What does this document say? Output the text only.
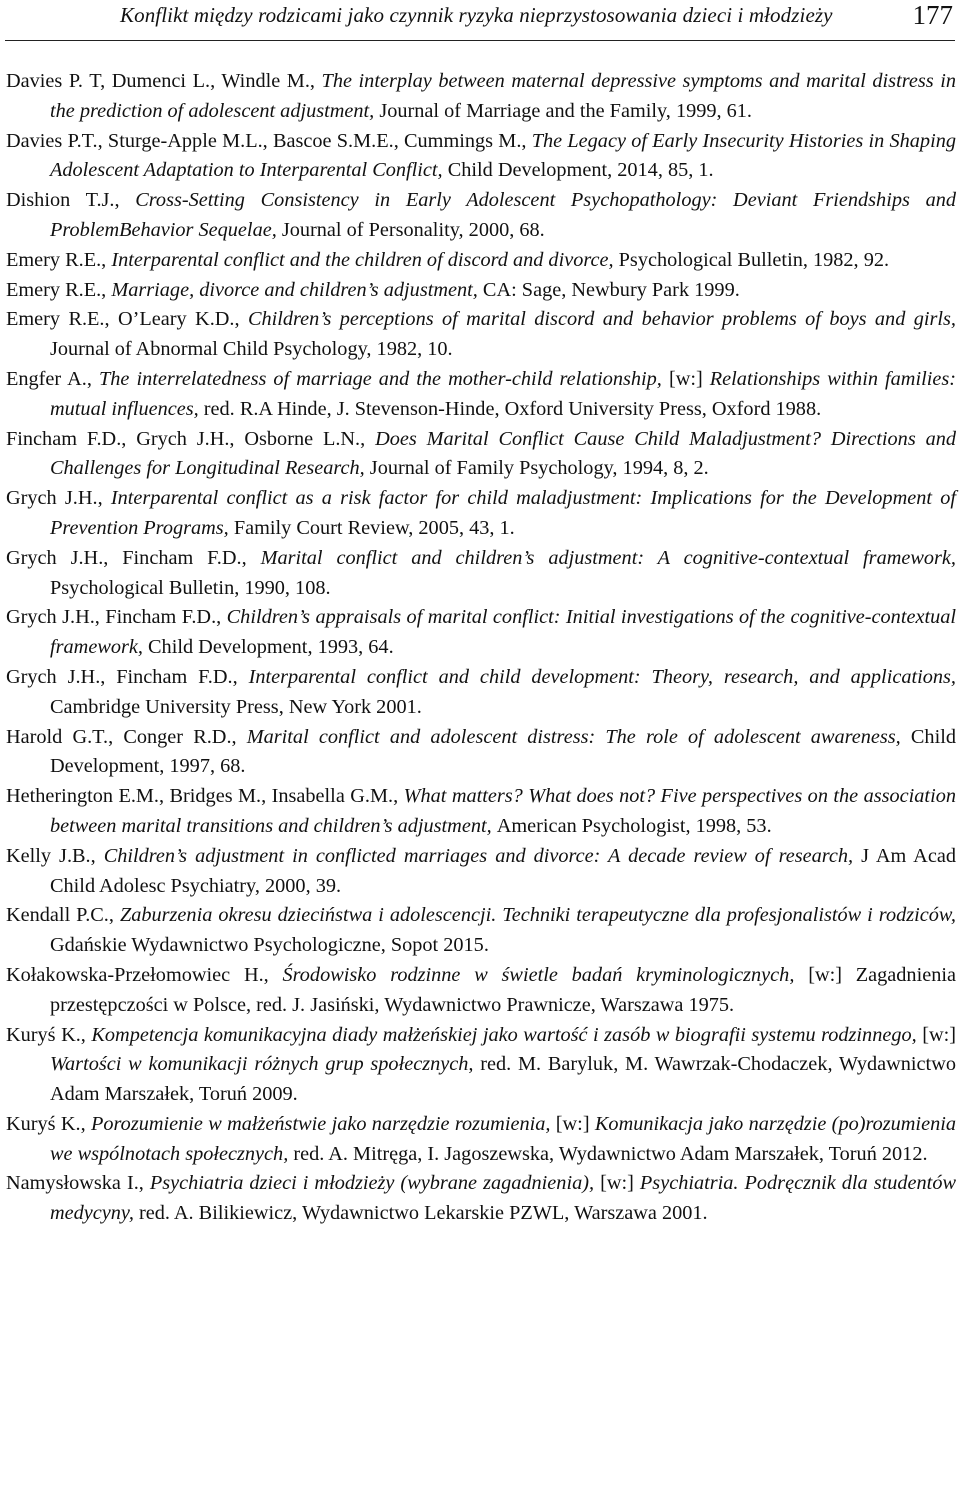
Konflikt między rodzicami jako czynnik ryzyka nieprzystosowania dzieci i młodzieży	177
Davies P. T, Dumenci L., Windle M., The interplay between maternal depressive symptoms and marital distress in the prediction of adolescent adjustment, Journal of Marriage and the Family, 1999, 61.
Davies P.T., Sturge-Apple M.L., Bascoe S.M.E., Cummings M., The Legacy of Early Insecurity Histories in Shaping Adolescent Adaptation to Interparental Conflict, Child Development, 2014, 85, 1.
Dishion T.J., Cross-Setting Consistency in Early Adolescent Psychopathology: Deviant Friendships and ProblemBehavior Sequelae, Journal of Personality, 2000, 68.
Emery R.E., Interparental conflict and the children of discord and divorce, Psychological Bulletin, 1982, 92.
Emery R.E., Marriage, divorce and children’s adjustment, CA: Sage, Newbury Park 1999.
Emery R.E., O’Leary K.D., Children’s perceptions of marital discord and behavior problems of boys and girls, Journal of Abnormal Child Psychology, 1982, 10.
Engfer A., The interrelatedness of marriage and the mother-child relationship, [w:] Relationships within families: mutual influences, red. R.A Hinde, J. Stevenson-Hinde, Oxford University Press, Oxford 1988.
Fincham F.D., Grych J.H., Osborne L.N., Does Marital Conflict Cause Child Maladjustment? Directions and Challenges for Longitudinal Research, Journal of Family Psychology, 1994, 8, 2.
Grych J.H., Interparental conflict as a risk factor for child maladjustment: Implications for the Development of Prevention Programs, Family Court Review, 2005, 43, 1.
Grych J.H., Fincham F.D., Marital conflict and children’s adjustment: A cognitive-contextual framework, Psychological Bulletin, 1990, 108.
Grych J.H., Fincham F.D., Children’s appraisals of marital conflict: Initial investigations of the cognitive-contextual framework, Child Development, 1993, 64.
Grych J.H., Fincham F.D., Interparental conflict and child development: Theory, research, and applications, Cambridge University Press, New York 2001.
Harold G.T., Conger R.D., Marital conflict and adolescent distress: The role of adolescent awareness, Child Development, 1997, 68.
Hetherington E.M., Bridges M., Insabella G.M., What matters? What does not? Five perspectives on the association between marital transitions and children’s adjustment, American Psychologist, 1998, 53.
Kelly J.B., Children’s adjustment in conflicted marriages and divorce: A decade review of research, J Am Acad Child Adolesc Psychiatry, 2000, 39.
Kendall P.C., Zaburzenia okresu dzieciństwa i adolescencji. Techniki terapeutyczne dla profesjonalistów i rodziców, Gdańskie Wydawnictwo Psychologiczne, Sopot 2015.
Kołakowska-Przełomowiec H., Środowisko rodzinne w świetle badań kryminologicznych, [w:] Zagadnienia przestępczości w Polsce, red. J. Jasiński, Wydawnictwo Prawnicze, Warszawa 1975.
Kuryś K., Kompetencja komunikacyjna diady małżeńskiej jako wartość i zasób w biografii systemu rodzinnego, [w:] Wartości w komunikacji różnych grup społecznych, red. M. Baryluk, M. Wawrzak-Chodaczek, Wydawnictwo Adam Marszałek, Toruń 2009.
Kuryś K., Porozumienie w małżeństwie jako narzędzie rozumienia, [w:] Komunikacja jako narzędzie (po)rozumienia we wspólnotach społecznych, red. A. Mitręga, I. Jagoszewska, Wydawnictwo Adam Marszałek, Toruń 2012.
Namysłowska I., Psychiatria dzieci i młodzieży (wybrane zagadnienia), [w:] Psychiatria. Podręcznik dla studentów medycyny, red. A. Bilikiewicz, Wydawnictwo Lekarskie PZWL, Warszawa 2001.
